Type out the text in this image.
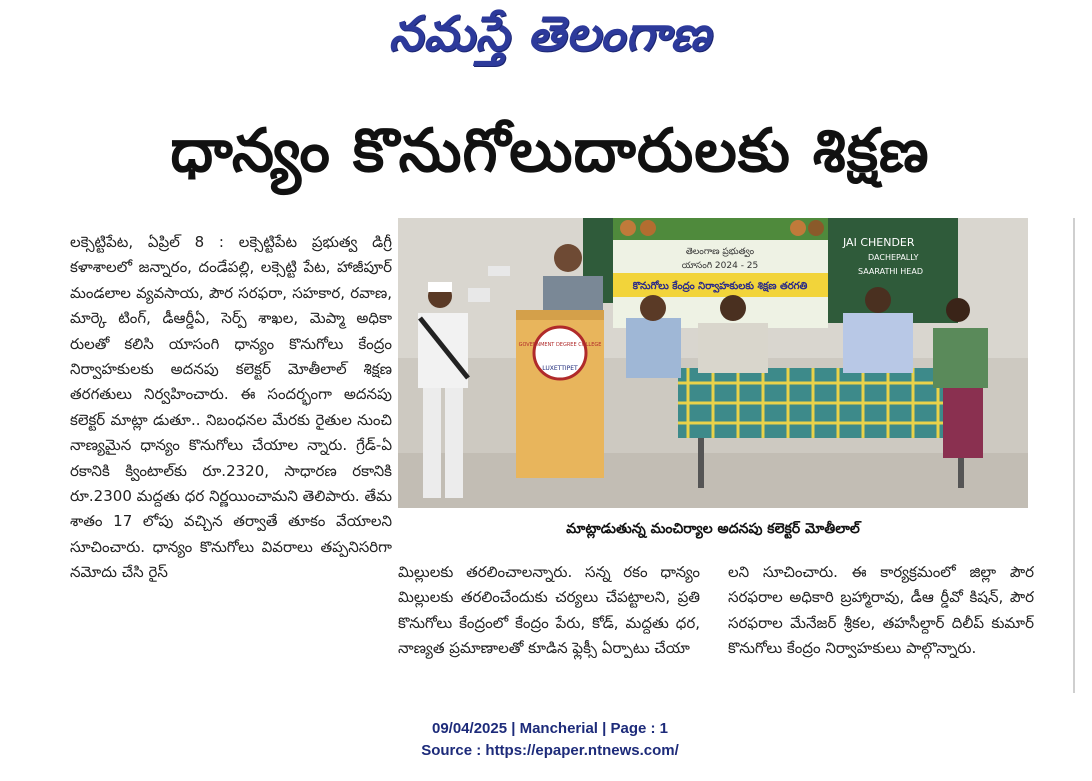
నమస్తే తెలంగాణ
ధాన్యం కొనుగోలుదారులకు శిక్షణ
లక్సెట్టిపేట, ఏప్రిల్ 8 : లక్సెట్టిపేట ప్రభుత్వ డిగ్రీ కళాశాలలో జన్నారం, దండేపల్లి, లక్సెట్టి పేట, హాజీపూర్ మండలాల వ్యవసాయ, పౌర సరఫరా, సహకార, రవాణ, మార్కె టింగ్, డీఆర్డీఏ, సెర్ప్ శాఖల, మెప్మా అధికా రులతో కలిసి యాసంగి ధాన్యం కొనుగోలు కేంద్రం నిర్వాహకులకు అదనపు కలెక్టర్ మోతీలాల్ శిక్షణ తరగతులు నిర్వహించారు. ఈ సందర్భంగా అదనపు కలెక్టర్ మాట్లా డుతూ.. నిబంధనల మేరకు రైతుల నుంచి నాణ్యమైన ధాన్యం కొనుగోలు చేయాల న్నారు. గ్రేడ్-ఏ రకానికి క్వింటాల్‌కు రూ.2320, సాధారణ రకానికి రూ.2300 మద్దతు ధర నిర్ణయించామని తెలిపారు. తేమ శాతం 17 లోపు వచ్చిన తర్వాతే తూకం వేయాలని సూచించారు. ధాన్యం కొనుగోలు వివరాలు తప్పనిసరిగా నమోదు చేసి రైస్
తెలంగాణ ప్రభుత్వం
యాసంగి 2024 - 25
కొనుగోలు కేంద్రం నిర్వాహకులకు శిక్షణ తరగతి
JAI CHENDER
DACHEPALLY
SAARATHI HEAD
GOVERNMENT DEGREE COLLEGE
LUXETTIPET
మాట్లాడుతున్న మంచిర్యాల అదనపు కలెక్టర్ మోతీలాల్
మిల్లులకు తరలించాలన్నారు. సన్న రకం ధాన్యం మిల్లులకు తరలించేందుకు చర్యలు చేపట్టాలని, ప్రతి కొనుగోలు కేంద్రంలో కేంద్రం పేరు, కోడ్, మద్దతు ధర, నాణ్యత ప్రమాణాలతో కూడిన ఫ్లెక్సీ ఏర్పాటు చేయా
లని సూచించారు. ఈ కార్యక్రమంలో జిల్లా పౌర సరఫరాల అధికారి బ్రహ్మారావు, డీఆ ర్డీవో కిషన్, పౌర సరఫరాల మేనేజర్ శ్రీకల, తహసీల్దార్ దిలీప్ కుమార్ కొనుగోలు కేంద్రం నిర్వాహకులు పాల్గొన్నారు.
09/04/2025 | Mancherial | Page : 1
Source : https://epaper.ntnews.com/
